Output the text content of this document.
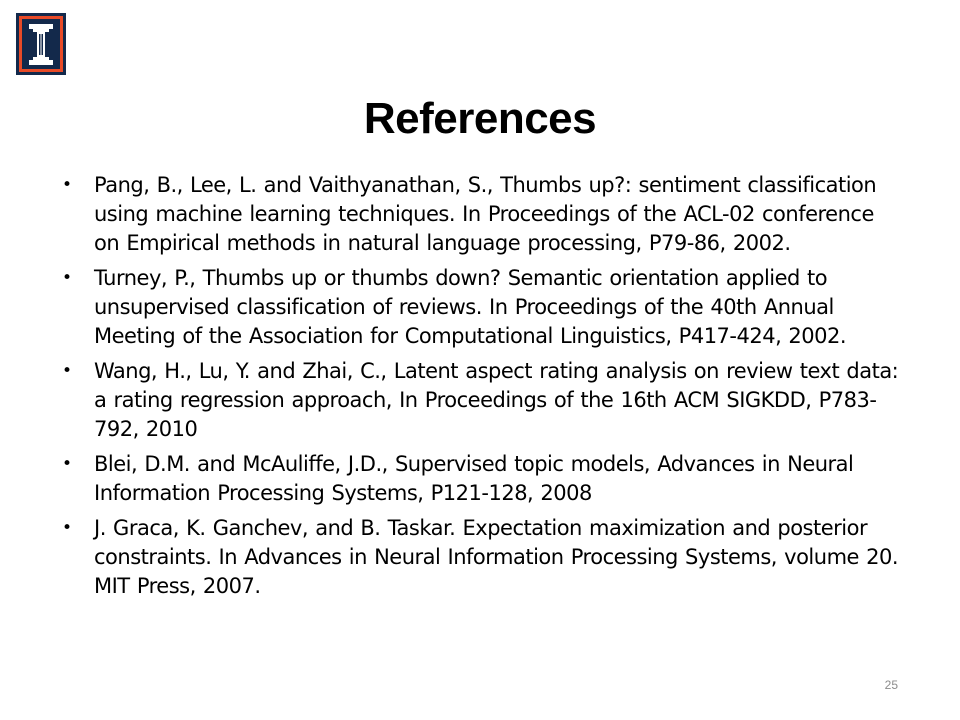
References
• Pang, B., Lee, L. and Vaithyanathan, S., Thumbs up?: sentiment classification using machine learning techniques. In Proceedings of the ACL-02 conference on Empirical methods in natural language processing, P79-86, 2002.
• Turney, P., Thumbs up or thumbs down? Semantic orientation applied to unsupervised classification of reviews. In Proceedings of the 40th Annual Meeting of the Association for Computational Linguistics, P417-424, 2002.
• Wang, H., Lu, Y. and Zhai, C., Latent aspect rating analysis on review text data: a rating regression approach, In Proceedings of the 16th ACM SIGKDD, P783-792, 2010
• Blei, D.M. and McAuliffe, J.D., Supervised topic models, Advances in Neural Information Processing Systems, P121-128, 2008
• J. Graca, K. Ganchev, and B. Taskar. Expectation maximization and posterior constraints. In Advances in Neural Information Processing Systems, volume 20. MIT Press, 2007.
25
